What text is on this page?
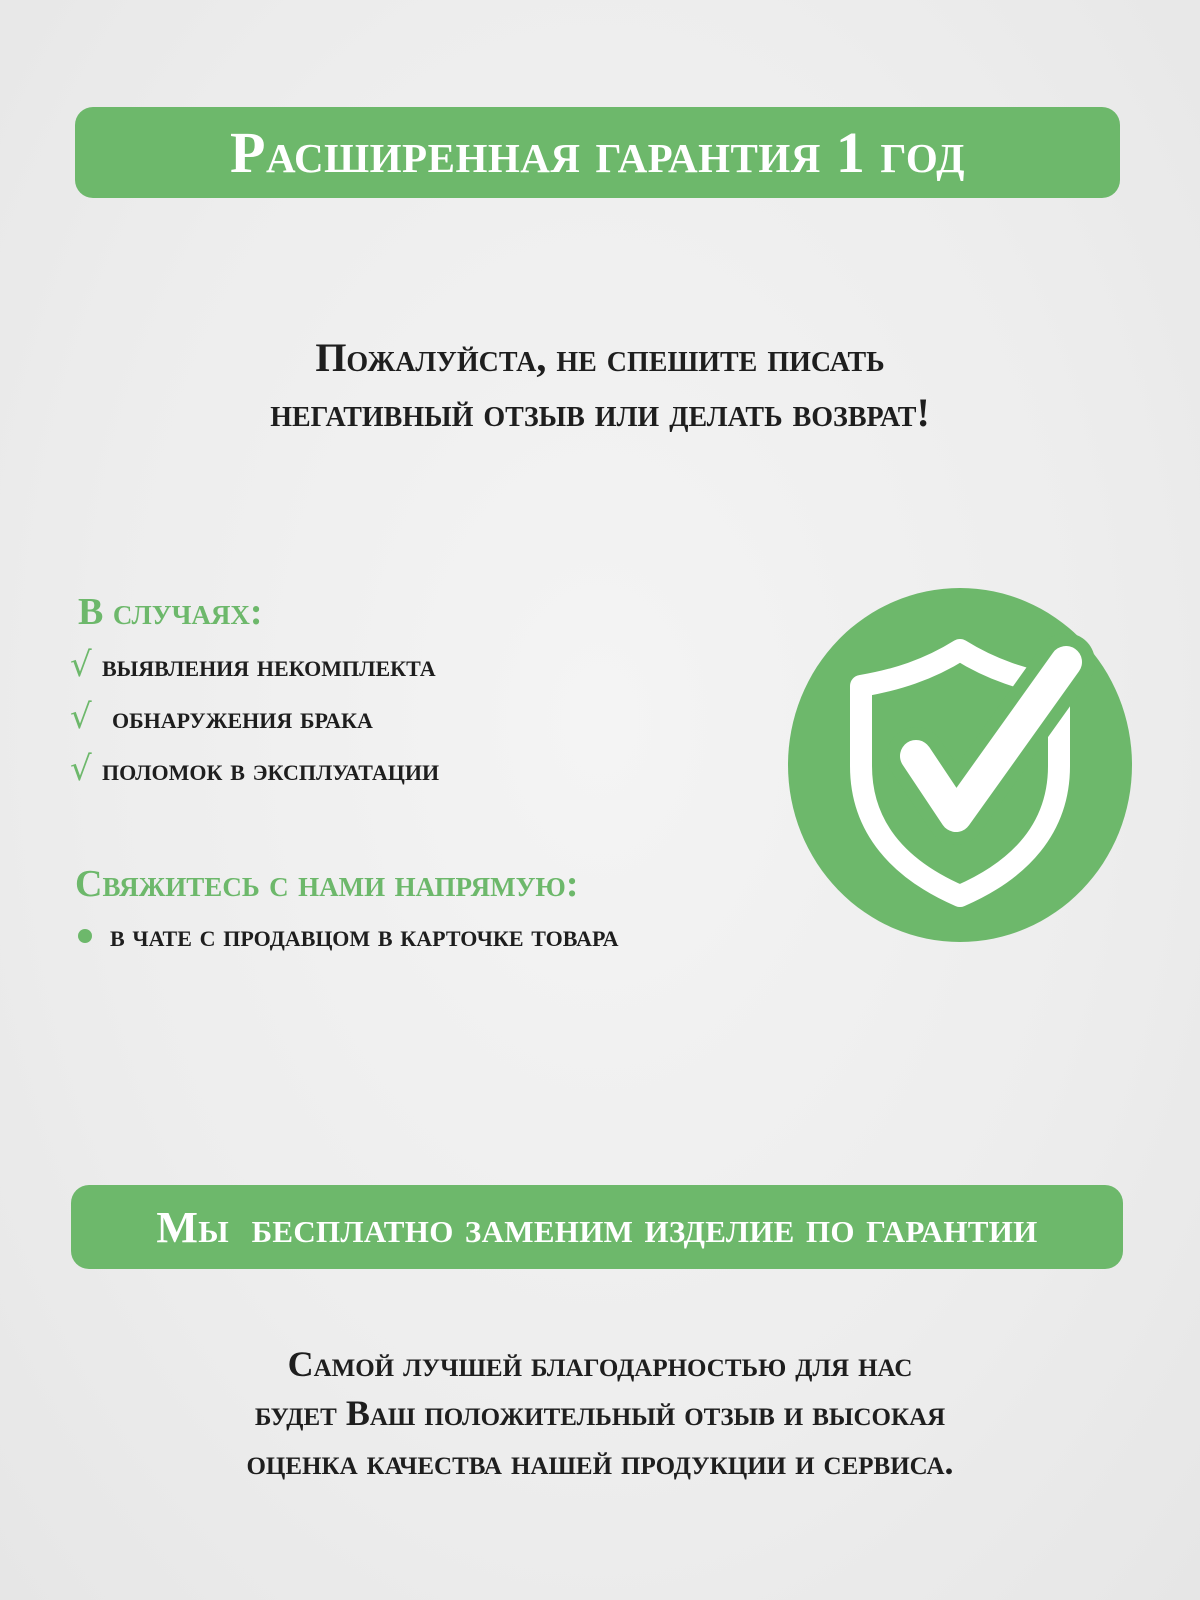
Расширенная гарантия 1 год
Пожалуйста, не спешите писать
негативный отзыв или делать возврат!
В случаях:
√ выявления некомплекта
√ обнаружения брака
√ поломок в эксплуатации
Свяжитесь с нами напрямую:
в чате с продавцом в карточке товара
Мы  бесплатно заменим изделие по гарантии
Самой лучшей благодарностью для нас
будет Ваш положительный отзыв и высокая
оценка качества нашей продукции и сервиса.
